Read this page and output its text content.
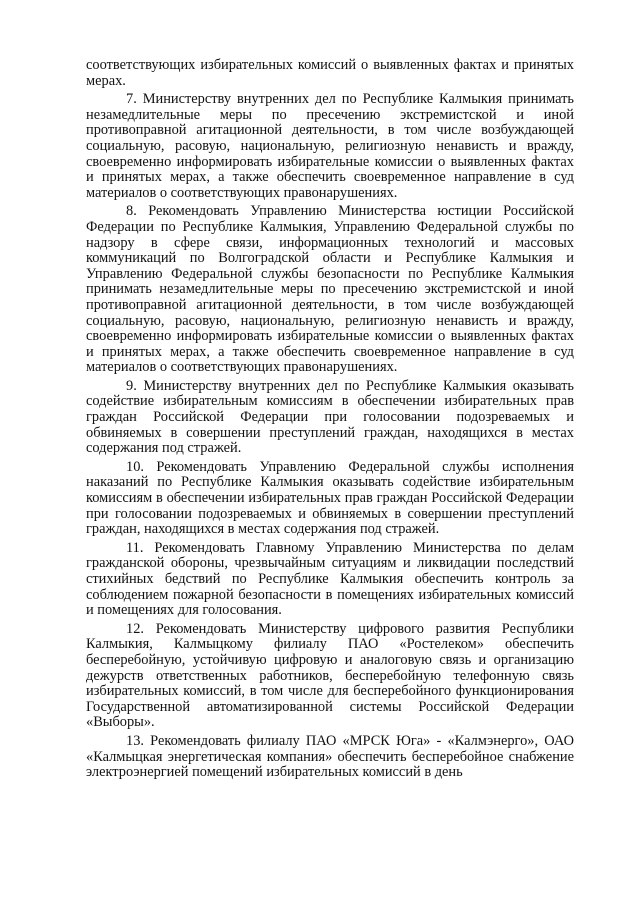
соответствующих избирательных комиссий о выявленных фактах и принятых мерах.

7. Министерству внутренних дел по Республике Калмыкия принимать незамедлительные меры по пресечению экстремистской и иной противоправной агитационной деятельности, в том числе возбуждающей социальную, расовую, национальную, религиозную ненависть и вражду, своевременно информировать избирательные комиссии о выявленных фактах и принятых мерах, а также обеспечить своевременное направление в суд материалов о соответствующих правонарушениях.

8. Рекомендовать Управлению Министерства юстиции Российской Федерации по Республике Калмыкия, Управлению Федеральной службы по надзору в сфере связи, информационных технологий и массовых коммуникаций по Волгоградской области и Республике Калмыкия и Управлению Федеральной службы безопасности по Республике Калмыкия принимать незамедлительные меры по пресечению экстремистской и иной противоправной агитационной деятельности, в том числе возбуждающей социальную, расовую, национальную, религиозную ненависть и вражду, своевременно информировать избирательные комиссии о выявленных фактах и принятых мерах, а также обеспечить своевременное направление в суд материалов о соответствующих правонарушениях.

9. Министерству внутренних дел по Республике Калмыкия оказывать содействие избирательным комиссиям в обеспечении избирательных прав граждан Российской Федерации при голосовании подозреваемых и обвиняемых в совершении преступлений граждан, находящихся в местах содержания под стражей.

10. Рекомендовать Управлению Федеральной службы исполнения наказаний по Республике Калмыкия оказывать содействие избирательным комиссиям в обеспечении избирательных прав граждан Российской Федерации при голосовании подозреваемых и обвиняемых в совершении преступлений граждан, находящихся в местах содержания под стражей.

11. Рекомендовать Главному Управлению Министерства по делам гражданской обороны, чрезвычайным ситуациям и ликвидации последствий стихийных бедствий по Республике Калмыкия обеспечить контроль за соблюдением пожарной безопасности в помещениях избирательных комиссий и помещениях для голосования.

12. Рекомендовать Министерству цифрового развития Республики Калмыкия, Калмыцкому филиалу ПАО «Ростелеком» обеспечить бесперебойную, устойчивую цифровую и аналоговую связь и организацию дежурств ответственных работников, бесперебойную телефонную связь избирательных комиссий, в том числе для бесперебойного функционирования Государственной автоматизированной системы Российской Федерации «Выборы».

13. Рекомендовать филиалу ПАО «МРСК Юга» - «Калмэнерго», ОАО «Калмыцкая энергетическая компания» обеспечить бесперебойное снабжение электроэнергией помещений избирательных комиссий в день
